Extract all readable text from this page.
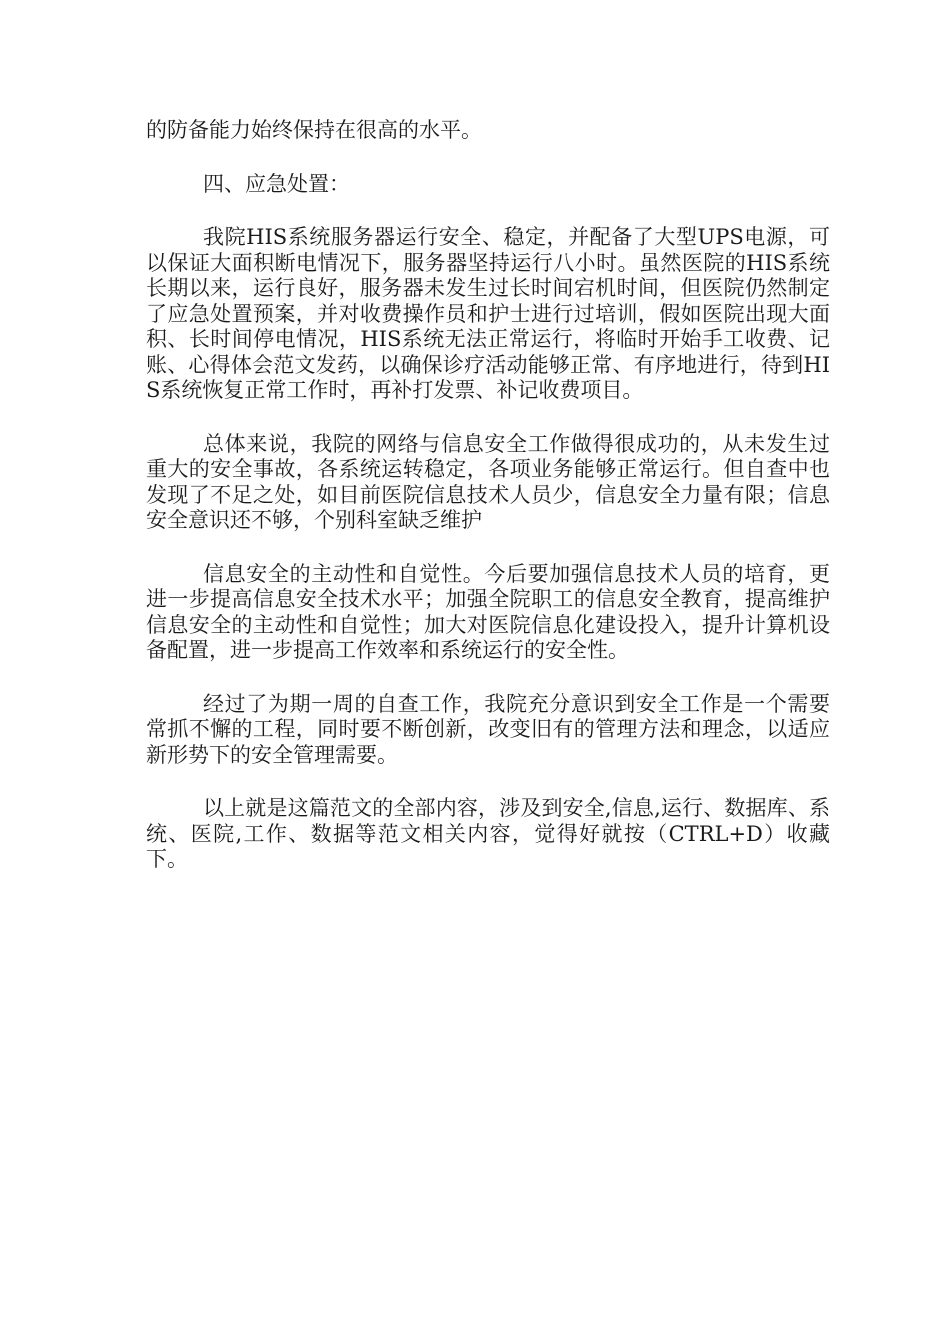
的防备能力始终保持在很高的水平。

四、应急处置：

我院HIS系统服务器运行安全、稳定，并配备了大型UPS电源，可以保证大面积断电情况下，服务器坚持运行八小时。虽然医院的HIS系统长期以来，运行良好，服务器未发生过长时间宕机时间，但医院仍然制定了应急处置预案，并对收费操作员和护士进行过培训，假如医院出现大面积、长时间停电情况，HIS系统无法正常运行，将临时开始手工收费、记账、心得体会范文发药，以确保诊疗活动能够正常、有序地进行，待到HIS系统恢复正常工作时，再补打发票、补记收费项目。

总体来说，我院的网络与信息安全工作做得很成功的，从未发生过重大的安全事故，各系统运转稳定，各项业务能够正常运行。但自查中也发现了不足之处，如目前医院信息技术人员少，信息安全力量有限；信息安全意识还不够，个别科室缺乏维护

信息安全的主动性和自觉性。今后要加强信息技术人员的培育，更进一步提高信息安全技术水平；加强全院职工的信息安全教育，提高维护信息安全的主动性和自觉性；加大对医院信息化建设投入，提升计算机设备配置，进一步提高工作效率和系统运行的安全性。

经过了为期一周的自查工作，我院充分意识到安全工作是一个需要常抓不懈的工程，同时要不断创新，改变旧有的管理方法和理念，以适应新形势下的安全管理需要。

以上就是这篇范文的全部内容，涉及到安全,信息,运行、数据库、系统、医院,工作、数据等范文相关内容，觉得好就按（CTRL+D）收藏下。
